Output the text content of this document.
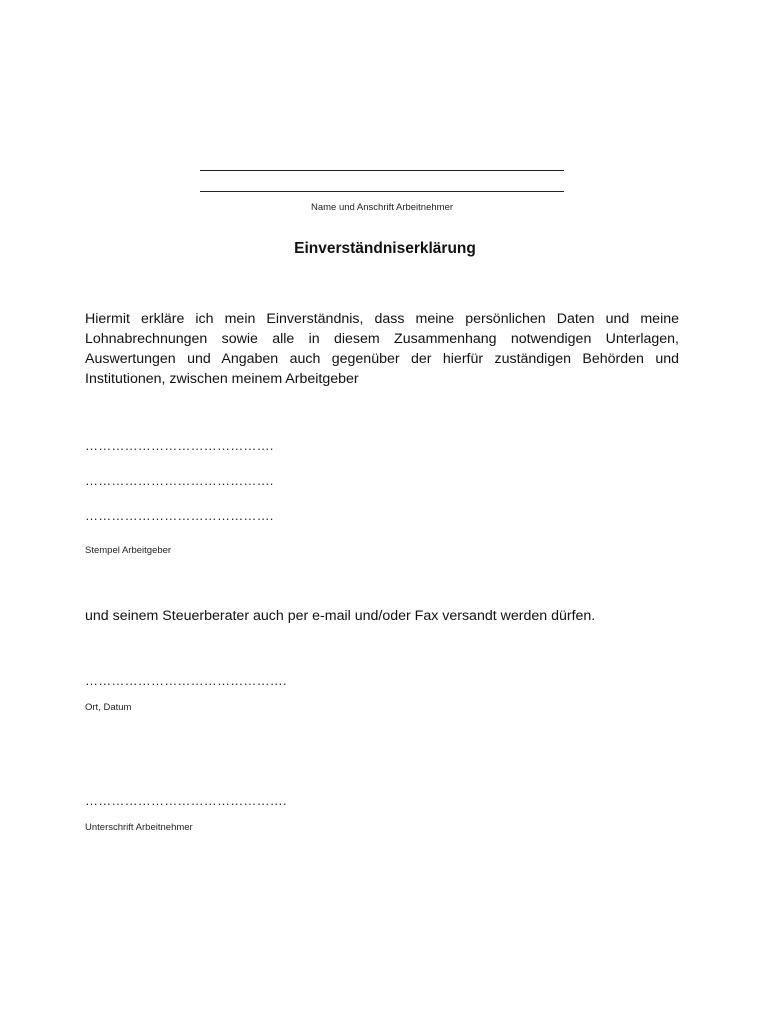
Name und Anschrift Arbeitnehmer
Einverständniserklärung
Hiermit erkläre ich mein Einverständnis, dass meine persönlichen Daten und meine Lohnabrechnungen sowie alle in diesem Zusammenhang notwendigen Unterlagen, Auswertungen und Angaben auch gegenüber der hierfür zuständigen Behörden und Institutionen, zwischen meinem Arbeitgeber
…………………………………….
…………………………………….
…………………………………….
Stempel Arbeitgeber
und seinem Steuerberater auch per e-mail und/oder Fax versandt werden dürfen.
……………………………………….
Ort, Datum
……………………………………….
Unterschrift Arbeitnehmer
